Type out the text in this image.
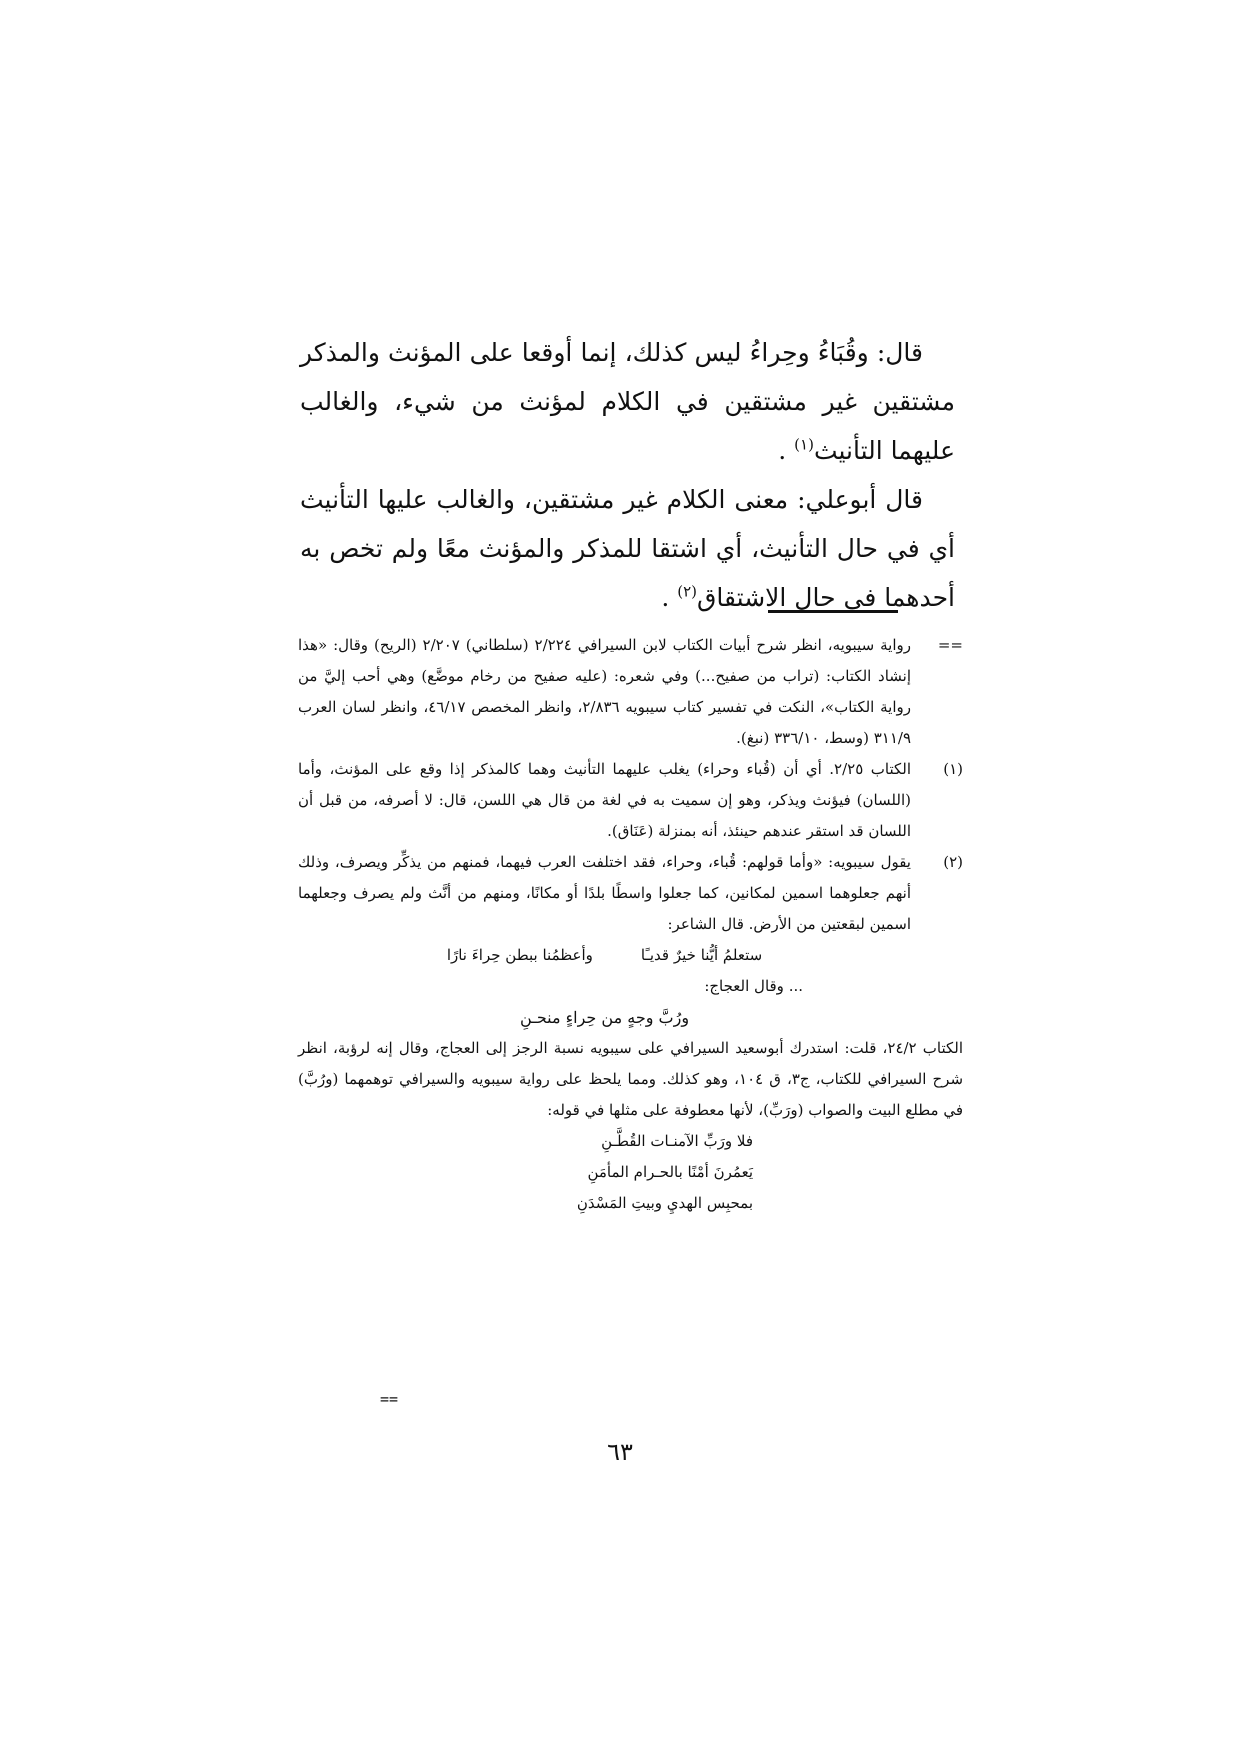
قال: وقُبَاءُ وحِراءُ ليس كذلك، إنما أوقعا على المؤنث والمذكر مشتقين غير مشتقين في الكلام لمؤنث من شيء، والغالب عليهما التأنيث$^{(١)}$ .

قال أبوعلي: معنى الكلام غير مشتقين، والغالب عليها التأنيث أي في حال التأنيث، أي اشتقا للمذكر والمؤنث معًا ولم تخص به أحدهما في حال الاشتقاق$^{(٢)}$ .

==
رواية سيبويه، انظر شرح أبيات الكتاب لابن السيرافي ٢/٢٢٤ (سلطاني) ٢/٢٠٧ (الريح) وقال: «هذا إنشاد الكتاب: (تراب من صفيح...) وفي شعره: (عليه صفيح من رخام موضَّع) وهي أحب إليَّ من رواية الكتاب»، النكت في تفسير كتاب سيبويه ٢/٨٣٦، وانظر المخصص ٤٦/١٧، وانظر لسان العرب ٣١١/٩ (وسط، ٣٣٦/١٠ (نبغ).
(١)
الكتاب ٢/٢٥. أي أن (قُباء وحراء) يغلب عليهما التأنيث وهما كالمذكر إذا وقع على المؤنث، وأما (اللسان) فيؤنث ويذكر، وهو إن سميت به في لغة من قال هي اللسن، قال: لا أصرفه، من قبل أن اللسان قد استقر عندهم حينئذ، أنه بمنزلة (عَنَاق).
(٢)
يقول سيبويه: «وأما قولهم: قُباء، وحراء، فقد اختلفت العرب فيهما، فمنهم من يذكِّر ويصرف، وذلك أنهم جعلوهما اسمين لمكانين، كما جعلوا واسطًا بلدًا أو مكانًا، ومنهم من أنَّث ولم يصرف وجعلهما اسمين لبقعتين من الأرض. قال الشاعر:
ستعلمُ أيُّنا خيرٌ قديـًا
وأعظمُنا ببطن حِراءَ نارًا

... وقال العجاج:

ورُبَّ وجهٍ من حِراءٍ منحـنِ

الكتاب ٢٤/٢، قلت: استدرك أبوسعيد السيرافي على سيبويه نسبة الرجز إلى العجاج، وقال إنه لرؤبة، انظر شرح السيرافي للكتاب، ج٣، ق ١٠٤، وهو كذلك. ومما يلحظ على رواية سيبويه والسيرافي توهمهما (ورُبَّ) في مطلع البيت والصواب (ورَبِّ)، لأنها معطوفة على مثلها في قوله:

فلا ورَبِّ الآمنـات القُطَّـنِ
يَعمُرنَ أمْنًا بالحـرام المأمَنِ
بمحبِس الهديِ وبيتِ المَسْدَنِ
==
٦٣
